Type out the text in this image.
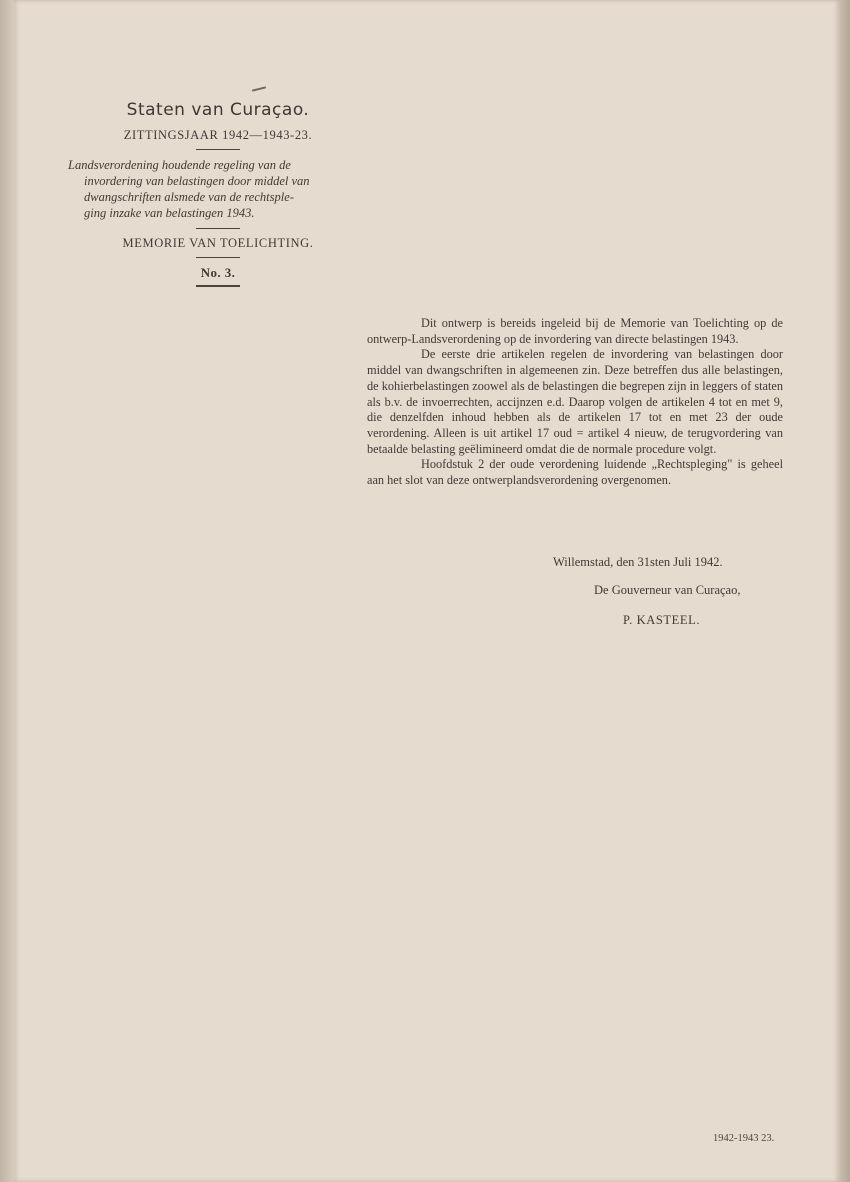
Staten van Curaçao.
ZITTINGSJAAR 1942—1943-23.

Landsverordening houdende regeling van de

invordering van belastingen door middel van

dwangschriften alsmede van de rechtsple-

ging inzake van belastingen 1943.

MEMORIE VAN TOELICHTING.
No. 3.

Dit ontwerp is bereids ingeleid bij de Memorie van Toelichting op de ontwerp-Landsverordening op de invordering van directe belastingen 1943.

De eerste drie artikelen regelen de invordering van belastingen door middel van dwangschriften in algemeenen zin. Deze betreffen dus alle belastingen, de kohierbelastingen zoowel als de belastingen die begrepen zijn in leggers of staten als b.v. de invoerrechten, accijnzen e.d. Daarop volgen de artikelen 4 tot en met 9, die denzelfden inhoud hebben als de artikelen 17 tot en met 23 der oude verordening. Alleen is uit artikel 17 oud = artikel 4 nieuw, de terugvordering van betaalde belasting geëlimineerd omdat die de normale procedure volgt.

Hoofdstuk 2 der oude verordening luidende „Rechtspleging" is geheel aan het slot van deze ontwerplandsverordening overgenomen.

Willemstad, den 31sten Juli 1942.
De Gouverneur van Curaçao,
P. KASTEEL.
1942-1943 23.
